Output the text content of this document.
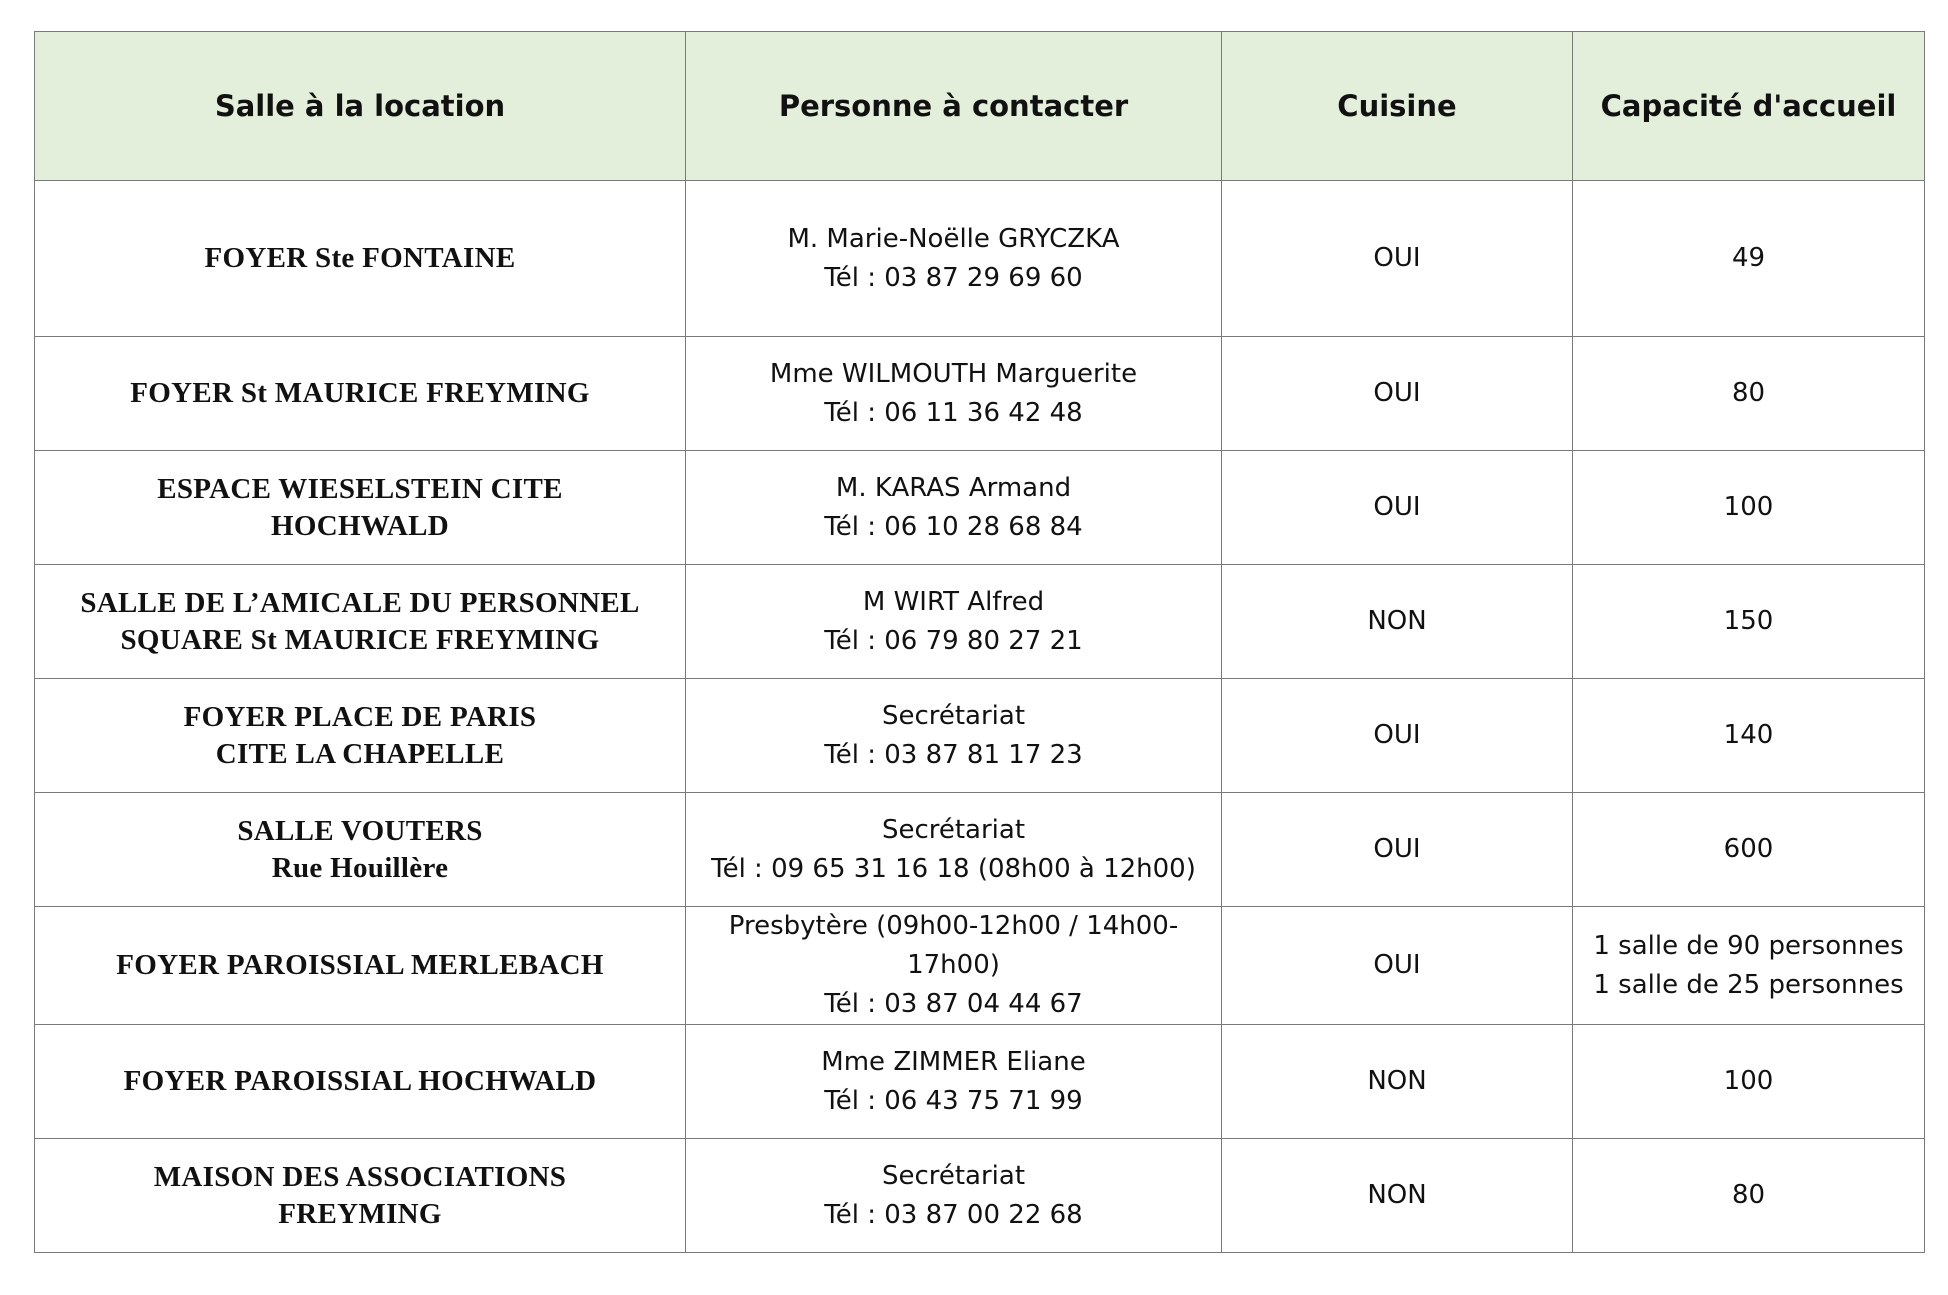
Salle à la location	Personne à contacter	Cuisine	Capacité d'accueil

FOYER Ste FONTAINE	M. Marie-Noëlle GRYCZKA
Tél : 03 87 29 69 60	OUI	49

FOYER St MAURICE FREYMING	Mme WILMOUTH Marguerite
Tél : 06 11 36 42 48	OUI	80

ESPACE WIESELSTEIN CITE
HOCHWALD	M. KARAS Armand
Tél : 06 10 28 68 84	OUI	100

SALLE DE L’AMICALE DU PERSONNEL
SQUARE St MAURICE FREYMING	M WIRT Alfred
Tél : 06 79 80 27 21	NON	150

FOYER PLACE DE PARIS
CITE LA CHAPELLE	Secrétariat
Tél : 03 87 81 17 23	OUI	140

SALLE VOUTERS
Rue Houillère	Secrétariat
Tél : 09 65 31 16 18 (08h00 à 12h00)	OUI	600

FOYER PAROISSIAL MERLEBACH	Presbytère (09h00-12h00 / 14h00-
17h00)
Tél : 03 87 04 44 67	OUI	1 salle de 90 personnes
1 salle de 25 personnes

FOYER PAROISSIAL HOCHWALD	Mme ZIMMER Eliane
Tél : 06 43 75 71 99	NON	100

MAISON DES ASSOCIATIONS
FREYMING	Secrétariat
Tél : 03 87 00 22 68	NON	80
